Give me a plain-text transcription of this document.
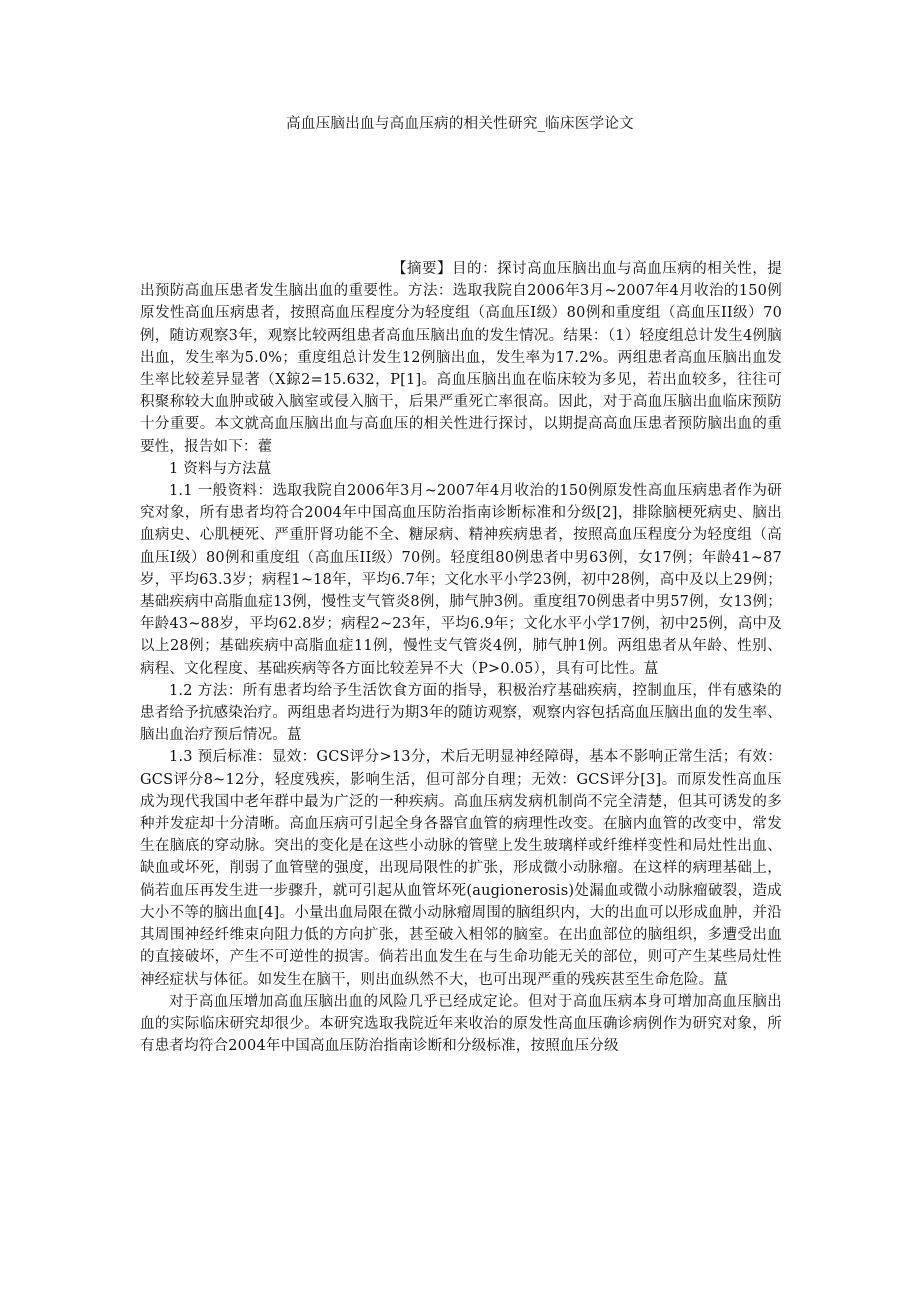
高血压脑出血与高血压病的相关性研究_临床医学论文

【摘要】目的：探讨高血压脑出血与高血压病的相关性，提出预防高血压患者发生脑出血的重要性。方法：选取我院自2006年3月~2007年4月收治的150例原发性高血压病患者，按照高血压程度分为轻度组（高血压I级）80例和重度组（高血压II级）70例，随访观察3年，观察比较两组患者高血压脑出血的发生情况。结果：（1）轻度组总计发生4例脑出血，发生率为5.0%；重度组总计发生12例脑出血，发生率为17.2%。两组患者高血压脑出血发生率比较差异显著（X鍄2=15.632，P[1]。高血压脑出血在临床较为多见，若出血较多，往往可积聚称较大血肿或破入脑室或侵入脑干，后果严重死亡率很高。因此，对于高血压脑出血临床预防十分重要。本文就高血压脑出血与高血压的相关性进行探讨，以期提高高血压患者预防脑出血的重要性，报告如下：藿

1 资料与方法蒀

1.1 一般资料：选取我院自2006年3月~2007年4月收治的150例原发性高血压病患者作为研究对象，所有患者均符合2004年中国高血压防治指南诊断标准和分级[2]，排除脑梗死病史、脑出血病史、心肌梗死、严重肝肾功能不全、糖尿病、精神疾病患者，按照高血压程度分为轻度组（高血压I级）80例和重度组（高血压II级）70例。轻度组80例患者中男63例，女17例；年龄41~87岁，平均63.3岁；病程1~18年，平均6.7年；文化水平小学23例，初中28例，高中及以上29例；基础疾病中高脂血症13例，慢性支气管炎8例，肺气肿3例。重度组70例患者中男57例，女13例；年龄43~88岁，平均62.8岁；病程2~23年，平均6.9年；文化水平小学17例，初中25例，高中及以上28例；基础疾病中高脂血症11例，慢性支气管炎4例，肺气肿1例。两组患者从年龄、性别、病程、文化程度、基础疾病等各方面比较差异不大（P>0.05），具有可比性。蒀

1.2 方法：所有患者均给予生活饮食方面的指导，积极治疗基础疾病，控制血压，伴有感染的患者给予抗感染治疗。两组患者均进行为期3年的随访观察，观察内容包括高血压脑出血的发生率、脑出血治疗预后情况。蒀

1.3 预后标准：显效：GCS评分>13分，术后无明显神经障碍，基本不影响正常生活；有效：GCS评分8~12分，轻度残疾，影响生活，但可部分自理；无效：GCS评分[3]。而原发性高血压成为现代我国中老年群中最为广泛的一种疾病。高血压病发病机制尚不完全清楚，但其可诱发的多种并发症却十分清晰。高血压病可引起全身各器官血管的病理性改变。在脑内血管的改变中，常发生在脑底的穿动脉。突出的变化是在这些小动脉的管壁上发生玻璃样或纤维样变性和局灶性出血、缺血或坏死，削弱了血管壁的强度，出现局限性的扩张，形成微小动脉瘤。在这样的病理基础上，倘若血压再发生进一步骤升，就可引起从血管坏死(augionerosis)处漏血或微小动脉瘤破裂，造成大小不等的脑出血[4]。小量出血局限在微小动脉瘤周围的脑组织内，大的出血可以形成血肿，并沿其周围神经纤维束向阻力低的方向扩张，甚至破入相邻的脑室。在出血部位的脑组织，多遭受出血的直接破坏，产生不可逆性的损害。倘若出血发生在与生命功能无关的部位，则可产生某些局灶性神经症状与体征。如发生在脑干，则出血纵然不大，也可出现严重的残疾甚至生命危险。蒀

对于高血压增加高血压脑出血的风险几乎已经成定论。但对于高血压病本身可增加高血压脑出血的实际临床研究却很少。本研究选取我院近年来收治的原发性高血压确诊病例作为研究对象，所有患者均符合2004年中国高血压防治指南诊断和分级标准，按照血压分级
